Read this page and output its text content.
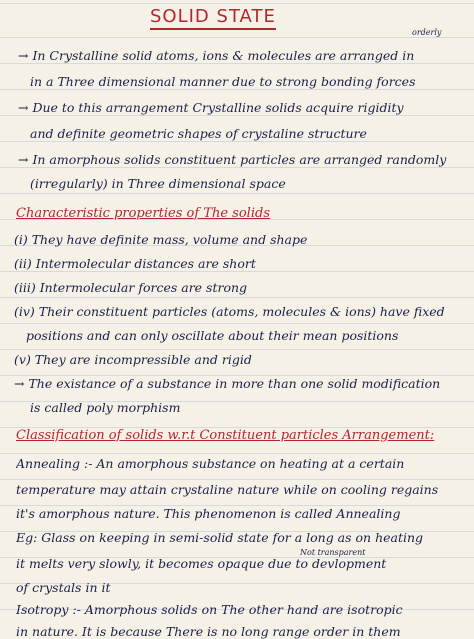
SOLID STATE
orderly
→ In Crystalline solid atoms, ions & molecules are arranged in
in a Three dimensional manner due to strong bonding forces
→ Due to this arrangement Crystalline solids acquire rigidity
and definite geometric shapes of crystaline structure
→ In amorphous solids constituent particles are arranged randomly
(irregularly) in Three dimensional space
Characteristic properties of The solids
(i) They have definite mass, volume and shape
(ii) Intermolecular distances are short
(iii) Intermolecular forces are strong
(iv) Their constituent particles (atoms, molecules & ions) have fixed
positions and can only oscillate about their mean positions
(v) They are incompressible and rigid
→ The existance of a substance in more than one solid modification
is called poly morphism
Classification of solids w.r.t Constituent particles Arrangement:
Annealing :- An amorphous substance on heating at a certain
temperature may attain crystaline nature while on cooling regains
it's amorphous nature. This phenomenon is called Annealing
Eg: Glass on keeping in semi-solid state for a long as on heating
Not transparent
it melts very slowly, it becomes opaque due to devlopment
of crystals in it
Isotropy :- Amorphous solids on The other hand are isotropic
in nature. It is because There is no long range order in them
